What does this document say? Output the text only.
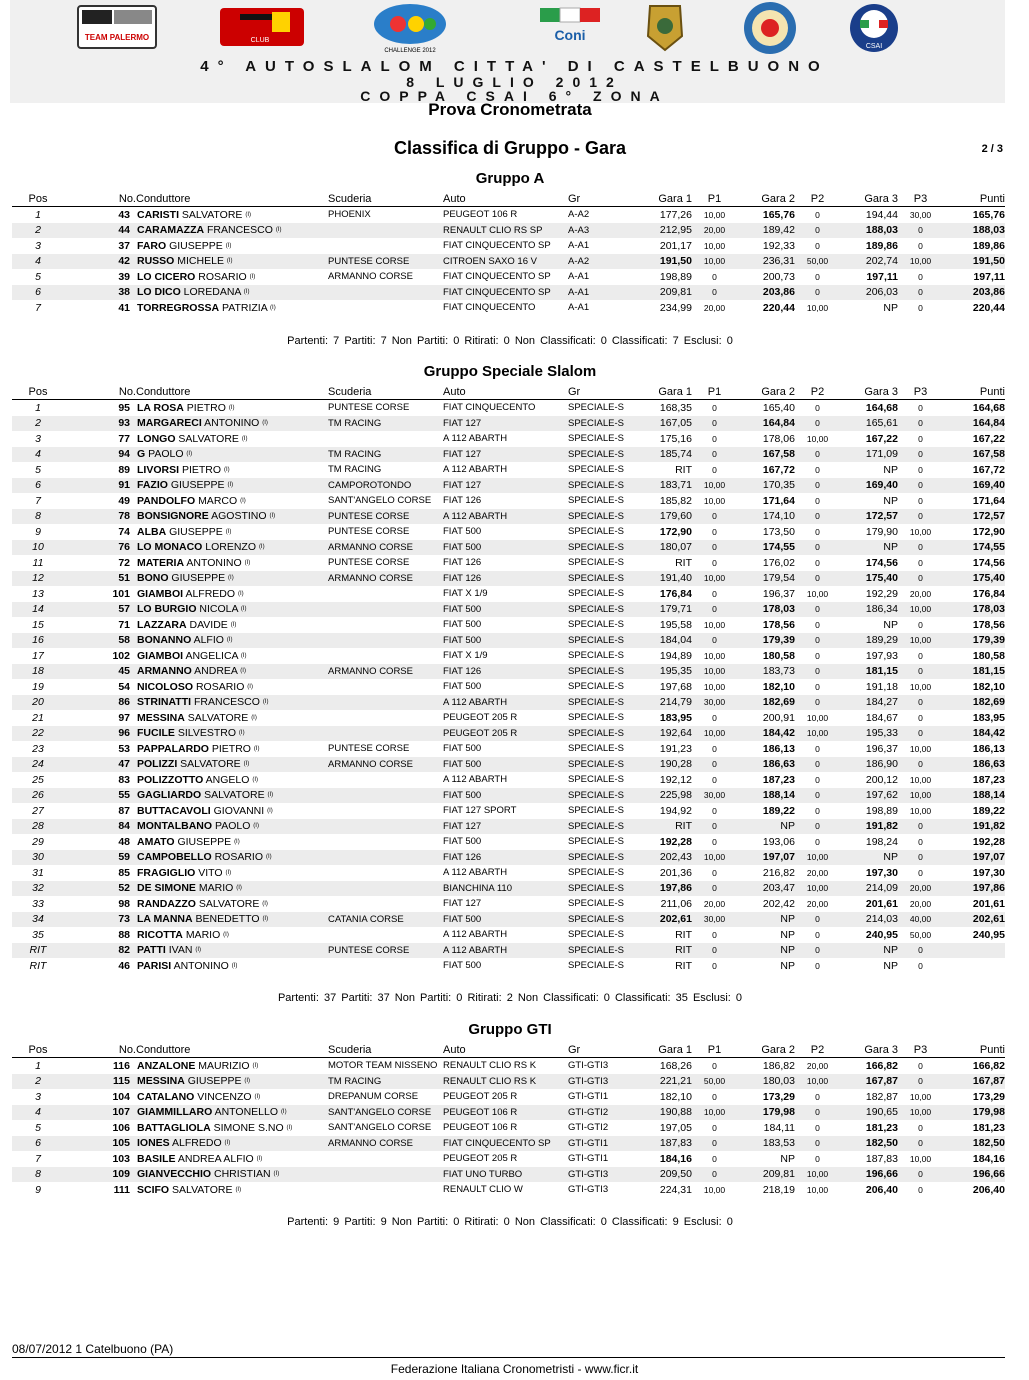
TEAM PALERMO	CLUB
CHALLENGE 2012
Coni
CSAI
4° AUTOSLALOM CITTA' DI CASTELBUONO
8 LUGLIO 2012
COPPA CSAI 6° ZONA
Prova Cronometrata
Classifica di Gruppo - Gara	2 / 3
Gruppo A
Pos	No.	Conduttore	Scuderia	Auto	Gr	Gara 1	P1	Gara 2	P2	Gara 3	P3	Punti
1	43	CARISTI SALVATORE (I)	PHOENIX	PEUGEOT 106 R	A-A2	177,26	10,00	165,76	0	194,44	30,00	165,76
2	44	CARAMAZZA FRANCESCO (I)		RENAULT CLIO RS SP	A-A3	212,95	20,00	189,42	0	188,03	0	188,03
3	37	FARO GIUSEPPE (I)		FIAT CINQUECENTO SP	A-A1	201,17	10,00	192,33	0	189,86	0	189,86
4	42	RUSSO MICHELE (I)	PUNTESE CORSE	CITROEN SAXO 16 V	A-A2	191,50	10,00	236,31	50,00	202,74	10,00	191,50
5	39	LO CICERO ROSARIO (I)	ARMANNO CORSE	FIAT CINQUECENTO SP	A-A1	198,89	0	200,73	0	197,11	0	197,11
6	38	LO DICO LOREDANA (I)		FIAT CINQUECENTO SP	A-A1	209,81	0	203,86	0	206,03	0	203,86
7	41	TORREGROSSA PATRIZIA (I)		FIAT CINQUECENTO	A-A1	234,99	20,00	220,44	10,00	NP	0	220,44
Partenti: 7 Partiti: 7 Non Partiti: 0 Ritirati: 0 Non Classificati: 0 Classificati: 7 Esclusi: 0
Gruppo Speciale Slalom
Pos	No.	Conduttore	Scuderia	Auto	Gr	Gara 1	P1	Gara 2	P2	Gara 3	P3	Punti
1	95	LA ROSA PIETRO (I)	PUNTESE CORSE	FIAT CINQUECENTO	SPECIALE-S	168,35	0	165,40	0	164,68	0	164,68
2	93	MARGARECI ANTONINO (I)	TM RACING	FIAT 127	SPECIALE-S	167,05	0	164,84	0	165,61	0	164,84
3	77	LONGO SALVATORE (I)		A 112 ABARTH	SPECIALE-S	175,16	0	178,06	10,00	167,22	0	167,22
4	94	G PAOLO (I)	TM RACING	FIAT 127	SPECIALE-S	185,74	0	167,58	0	171,09	0	167,58
5	89	LIVORSI PIETRO (I)	TM RACING	A 112 ABARTH	SPECIALE-S	RIT	0	167,72	0	NP	0	167,72
6	91	FAZIO GIUSEPPE (I)	CAMPOROTONDO	FIAT 127	SPECIALE-S	183,71	10,00	170,35	0	169,40	0	169,40
7	49	PANDOLFO MARCO (I)	SANT'ANGELO CORSE	FIAT 126	SPECIALE-S	185,82	10,00	171,64	0	NP	0	171,64
8	78	BONSIGNORE AGOSTINO (I)	PUNTESE CORSE	A 112 ABARTH	SPECIALE-S	179,60	0	174,10	0	172,57	0	172,57
9	74	ALBA GIUSEPPE (I)	PUNTESE CORSE	FIAT 500	SPECIALE-S	172,90	0	173,50	0	179,90	10,00	172,90
10	76	LO MONACO LORENZO (I)	ARMANNO CORSE	FIAT 500	SPECIALE-S	180,07	0	174,55	0	NP	0	174,55
11	72	MATERIA ANTONINO (I)	PUNTESE CORSE	FIAT 126	SPECIALE-S	RIT	0	176,02	0	174,56	0	174,56
12	51	BONO GIUSEPPE (I)	ARMANNO CORSE	FIAT 126	SPECIALE-S	191,40	10,00	179,54	0	175,40	0	175,40
13	101	GIAMBOI ALFREDO (I)		FIAT X 1/9	SPECIALE-S	176,84	0	196,37	10,00	192,29	20,00	176,84
14	57	LO BURGIO NICOLA (I)		FIAT 500	SPECIALE-S	179,71	0	178,03	0	186,34	10,00	178,03
15	71	LAZZARA DAVIDE (I)		FIAT 500	SPECIALE-S	195,58	10,00	178,56	0	NP	0	178,56
16	58	BONANNO ALFIO (I)		FIAT 500	SPECIALE-S	184,04	0	179,39	0	189,29	10,00	179,39
17	102	GIAMBOI ANGELICA (I)		FIAT X 1/9	SPECIALE-S	194,89	10,00	180,58	0	197,93	0	180,58
18	45	ARMANNO ANDREA (I)	ARMANNO CORSE	FIAT 126	SPECIALE-S	195,35	10,00	183,73	0	181,15	0	181,15
19	54	NICOLOSO ROSARIO (I)		FIAT 500	SPECIALE-S	197,68	10,00	182,10	0	191,18	10,00	182,10
20	86	STRINATTI FRANCESCO (I)		A 112 ABARTH	SPECIALE-S	214,79	30,00	182,69	0	184,27	0	182,69
21	97	MESSINA SALVATORE (I)		PEUGEOT 205 R	SPECIALE-S	183,95	0	200,91	10,00	184,67	0	183,95
22	96	FUCILE SILVESTRO (I)		PEUGEOT 205 R	SPECIALE-S	192,64	10,00	184,42	10,00	195,33	0	184,42
23	53	PAPPALARDO PIETRO (I)	PUNTESE CORSE	FIAT 500	SPECIALE-S	191,23	0	186,13	0	196,37	10,00	186,13
24	47	POLIZZI SALVATORE (I)	ARMANNO CORSE	FIAT 500	SPECIALE-S	190,28	0	186,63	0	186,90	0	186,63
25	83	POLIZZOTTO ANGELO (I)		A 112 ABARTH	SPECIALE-S	192,12	0	187,23	0	200,12	10,00	187,23
26	55	GAGLIARDO SALVATORE (I)		FIAT 500	SPECIALE-S	225,98	30,00	188,14	0	197,62	10,00	188,14
27	87	BUTTACAVOLI GIOVANNI (I)		FIAT 127 SPORT	SPECIALE-S	194,92	0	189,22	0	198,89	10,00	189,22
28	84	MONTALBANO PAOLO (I)		FIAT 127	SPECIALE-S	RIT	0	NP	0	191,82	0	191,82
29	48	AMATO GIUSEPPE (I)		FIAT 500	SPECIALE-S	192,28	0	193,06	0	198,24	0	192,28
30	59	CAMPOBELLO ROSARIO (I)		FIAT 126	SPECIALE-S	202,43	10,00	197,07	10,00	NP	0	197,07
31	85	FRAGIGLIO VITO (I)		A 112 ABARTH	SPECIALE-S	201,36	0	216,82	20,00	197,30	0	197,30
32	52	DE SIMONE MARIO (I)		BIANCHINA 110	SPECIALE-S	197,86	0	203,47	10,00	214,09	20,00	197,86
33	98	RANDAZZO SALVATORE (I)		FIAT 127	SPECIALE-S	211,06	20,00	202,42	20,00	201,61	20,00	201,61
34	73	LA MANNA BENEDETTO (I)	CATANIA CORSE	FIAT 500	SPECIALE-S	202,61	30,00	NP	0	214,03	40,00	202,61
35	88	RICOTTA MARIO (I)		A 112 ABARTH	SPECIALE-S	RIT	0	NP	0	240,95	50,00	240,95
RIT	82	PATTI IVAN (I)	PUNTESE CORSE	A 112 ABARTH	SPECIALE-S	RIT	0	NP	0	NP	0	
RIT	46	PARISI ANTONINO (I)		FIAT 500	SPECIALE-S	RIT	0	NP	0	NP	0	
Partenti: 37 Partiti: 37 Non Partiti: 0 Ritirati: 2 Non Classificati: 0 Classificati: 35 Esclusi: 0
Gruppo GTI
Pos	No.	Conduttore	Scuderia	Auto	Gr	Gara 1	P1	Gara 2	P2	Gara 3	P3	Punti
1	116	ANZALONE MAURIZIO (I)	MOTOR TEAM NISSENO	RENAULT CLIO RS K	GTI-GTI3	168,26	0	186,82	20,00	166,82	0	166,82
2	115	MESSINA GIUSEPPE (I)	TM RACING	RENAULT CLIO RS K	GTI-GTI3	221,21	50,00	180,03	10,00	167,87	0	167,87
3	104	CATALANO VINCENZO (I)	DREPANUM CORSE	PEUGEOT 205 R	GTI-GTI1	182,10	0	173,29	0	182,87	10,00	173,29
4	107	GIAMMILLARO ANTONELLO (I)	SANT'ANGELO CORSE	PEUGEOT 106 R	GTI-GTI2	190,88	10,00	179,98	0	190,65	10,00	179,98
5	106	BATTAGLIOLA SIMONE S.NO (I)	SANT'ANGELO CORSE	PEUGEOT 106 R	GTI-GTI2	197,05	0	184,11	0	181,23	0	181,23
6	105	IONES ALFREDO (I)	ARMANNO CORSE	FIAT CINQUECENTO SP	GTI-GTI1	187,83	0	183,53	0	182,50	0	182,50
7	103	BASILE ANDREA ALFIO (I)		PEUGEOT 205 R	GTI-GTI1	184,16	0	NP	0	187,83	10,00	184,16
8	109	GIANVECCHIO CHRISTIAN (I)		FIAT UNO TURBO	GTI-GTI3	209,50	0	209,81	10,00	196,66	0	196,66
9	111	SCIFO SALVATORE (I)		RENAULT CLIO W	GTI-GTI3	224,31	10,00	218,19	10,00	206,40	0	206,40
Partenti: 9 Partiti: 9 Non Partiti: 0 Ritirati: 0 Non Classificati: 0 Classificati: 9 Esclusi: 0
08/07/2012 1 Catelbuono (PA)
Federazione Italiana Cronometristi - www.ficr.it
